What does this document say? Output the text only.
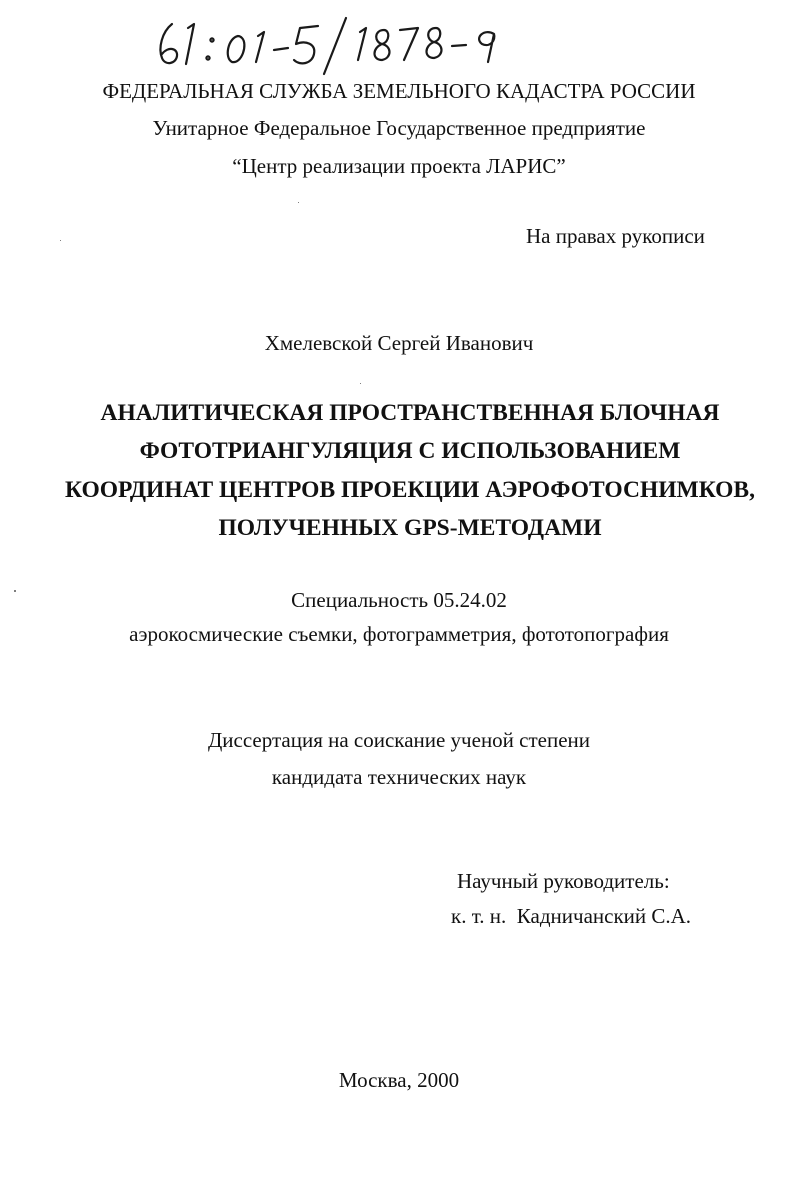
ФЕДЕРАЛЬНАЯ СЛУЖБА ЗЕМЕЛЬНОГО КАДАСТРА РОССИИ
Унитарное Федеральное Государственное предприятие
“Центр реализации проекта ЛАРИС”
На правах рукописи
Хмелевской Сергей Иванович
АНАЛИТИЧЕСКАЯ ПРОСТРАНСТВЕННАЯ БЛОЧНАЯ
ФОТОТРИАНГУЛЯЦИЯ С ИСПОЛЬЗОВАНИЕМ
КООРДИНАТ ЦЕНТРОВ ПРОЕКЦИИ АЭРОФОТОСНИМКОВ,
ПОЛУЧЕННЫХ GPS-МЕТОДАМИ
Специальность 05.24.02
аэрокосмические съемки, фотограмметрия, фототопография
Диссертация на соискание ученой степени
кандидата технических наук
Научный руководитель:
к. т. н.  Кадничанский С.А.
Москва, 2000
